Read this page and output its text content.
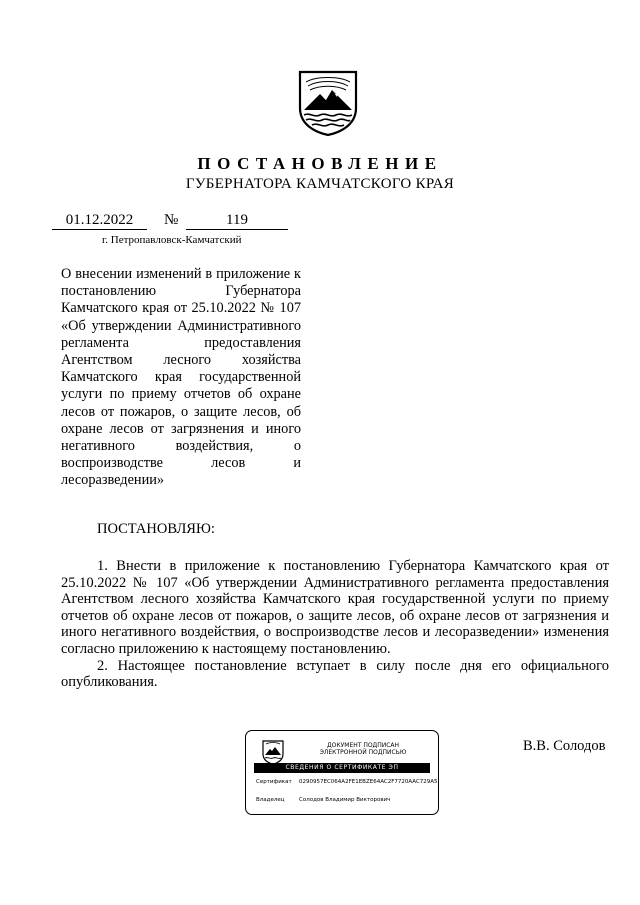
ПОСТАНОВЛЕНИЕ
ГУБЕРНАТОРА КАМЧАТСКОГО КРАЯ
01.12.2022	№	119
г. Петропавловск-Камчатский
О внесении изменений в приложение к постановлению Губернатора Камчатского края от 25.10.2022 № 107 «Об утверждении Административного регламента предоставления Агентством лесного хозяйства Камчатского края государственной услуги по приему отчетов об охране лесов от пожаров, о защите лесов, об охране лесов от загрязнения и иного негативного воздействия, о воспроизводстве лесов и лесоразведении»
ПОСТАНОВЛЯЮ:

1. Внести в приложение к постановлению Губернатора Камчатского края от 25.10.2022 № 107 «Об утверждении Административного регламента предоставления Агентством лесного хозяйства Камчатского края государственной услуги по приему отчетов об охране лесов от пожаров, о защите лесов, об охране лесов от загрязнения и иного негативного воздействия, о воспроизводстве лесов и лесоразведении» изменения согласно приложению к настоящему постановлению.

2. Настоящее постановление вступает в силу после дня его официального опубликования.

ДОКУМЕНТ ПОДПИСАН
ЭЛЕКТРОННОЙ ПОДПИСЬЮ
СВЕДЕНИЯ О СЕРТИФИКАТЕ ЭП
Сертификат 0290957EC064A2FE1EBZE64AC2F7720AAC729A5
Владелец	Солодов Владимир Викторович
В.В. Солодов
